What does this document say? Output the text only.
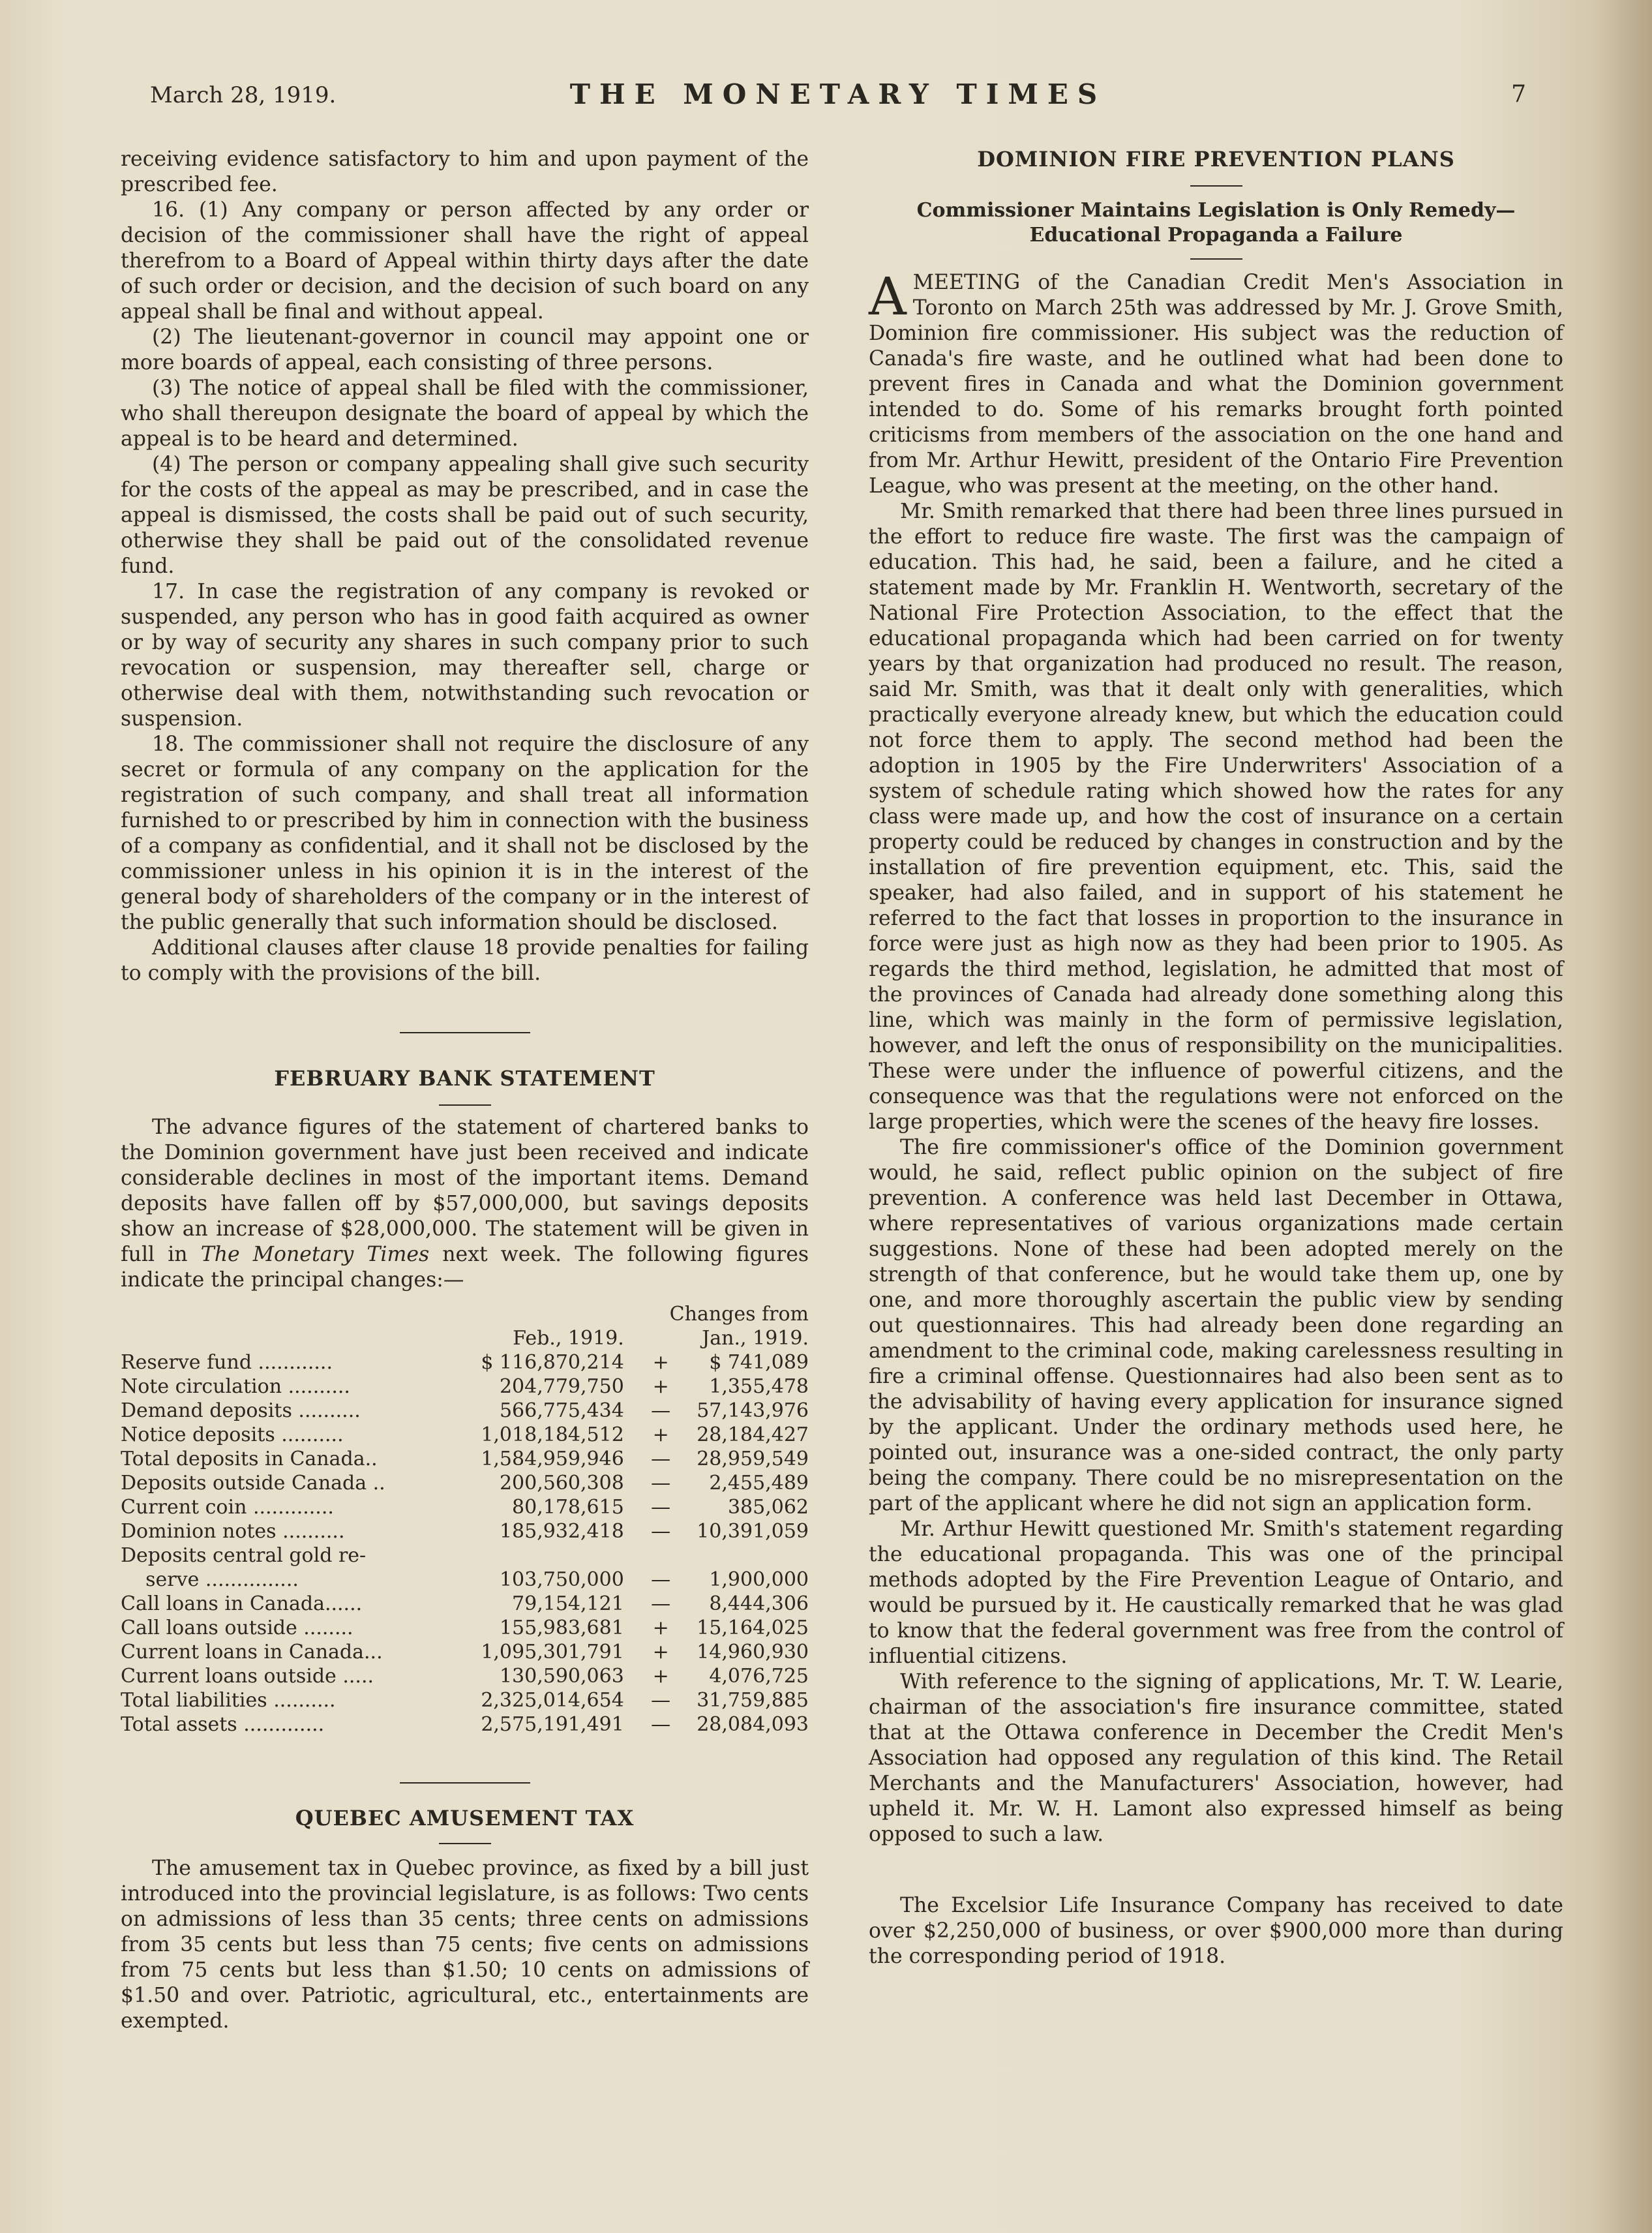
March 28, 1919.	THE MONETARY TIMES	7

receiving evidence satisfactory to him and upon payment of the prescribed fee.

16. (1) Any company or person affected by any order or decision of the commissioner shall have the right of appeal therefrom to a Board of Appeal within thirty days after the date of such order or decision, and the decision of such board on any appeal shall be final and without appeal.

(2) The lieutenant-governor in council may appoint one or more boards of appeal, each consisting of three persons.

(3) The notice of appeal shall be filed with the commissioner, who shall thereupon designate the board of appeal by which the appeal is to be heard and determined.

(4) The person or company appealing shall give such security for the costs of the appeal as may be prescribed, and in case the appeal is dismissed, the costs shall be paid out of such security, otherwise they shall be paid out of the consolidated revenue fund.

17. In case the registration of any company is revoked or suspended, any person who has in good faith acquired as owner or by way of security any shares in such company prior to such revocation or suspension, may thereafter sell, charge or otherwise deal with them, notwithstanding such revocation or suspension.

18. The commissioner shall not require the disclosure of any secret or formula of any company on the application for the registration of such company, and shall treat all information furnished to or prescribed by him in connection with the business of a company as confidential, and it shall not be disclosed by the commissioner unless in his opinion it is in the interest of the general body of shareholders of the company or in the interest of the public generally that such information should be disclosed.

Additional clauses after clause 18 provide penalties for failing to comply with the provisions of the bill.

FEBRUARY BANK STATEMENT

The advance figures of the statement of chartered banks to the Dominion government have just been received and indicate considerable declines in most of the important items. Demand deposits have fallen off by $57,000,000, but savings deposits show an increase of $28,000,000. The statement will be given in full in The Monetary Times next week. The following figures indicate the principal changes:—

		Changes from	
	Feb., 1919.	Jan., 1919.	
Reserve fund ............	$ 116,870,214	+	$ 741,089
Note circulation ..........	204,779,750	+	1,355,478
Demand deposits ..........	566,775,434	—	57,143,976
Notice deposits ..........	1,018,184,512	+	28,184,427
Total deposits in Canada..	1,584,959,946	—	28,959,549
Deposits outside Canada ..	200,560,308	—	2,455,489
Current coin .............	80,178,615	—	385,062
Dominion notes ..........	185,932,418	—	10,391,059
Deposits central gold re-			
serve ...............	103,750,000	—	1,900,000
Call loans in Canada......	79,154,121	—	8,444,306
Call loans outside ........	155,983,681	+	15,164,025
Current loans in Canada...	1,095,301,791	+	14,960,930
Current loans outside .....	130,590,063	+	4,076,725
Total liabilities ..........	2,325,014,654	—	31,759,885
Total assets .............	2,575,191,491	—	28,084,093
QUEBEC AMUSEMENT TAX

The amusement tax in Quebec province, as fixed by a bill just introduced into the provincial legislature, is as follows: Two cents on admissions of less than 35 cents; three cents on admissions from 35 cents but less than 75 cents; five cents on admissions from 75 cents but less than $1.50; 10 cents on admissions of $1.50 and over. Patriotic, agricultural, etc., entertainments are exempted.

DOMINION FIRE PREVENTION PLANS
Commissioner Maintains Legislation is Only Remedy—Educational Propaganda a Failure

AMEETING of the Canadian Credit Men's Association in Toronto on March 25th was addressed by Mr. J. Grove Smith, Dominion fire commissioner. His subject was the reduction of Canada's fire waste, and he outlined what had been done to prevent fires in Canada and what the Dominion government intended to do. Some of his remarks brought forth pointed criticisms from members of the association on the one hand and from Mr. Arthur Hewitt, president of the Ontario Fire Prevention League, who was present at the meeting, on the other hand.

Mr. Smith remarked that there had been three lines pursued in the effort to reduce fire waste. The first was the campaign of education. This had, he said, been a failure, and he cited a statement made by Mr. Franklin H. Wentworth, secretary of the National Fire Protection Association, to the effect that the educational propaganda which had been carried on for twenty years by that organization had produced no result. The reason, said Mr. Smith, was that it dealt only with generalities, which practically everyone already knew, but which the education could not force them to apply. The second method had been the adoption in 1905 by the Fire Underwriters' Association of a system of schedule rating which showed how the rates for any class were made up, and how the cost of insurance on a certain property could be reduced by changes in construction and by the installation of fire prevention equipment, etc. This, said the speaker, had also failed, and in support of his statement he referred to the fact that losses in proportion to the insurance in force were just as high now as they had been prior to 1905. As regards the third method, legislation, he admitted that most of the provinces of Canada had already done something along this line, which was mainly in the form of permissive legislation, however, and left the onus of responsibility on the municipalities. These were under the influence of powerful citizens, and the consequence was that the regulations were not enforced on the large properties, which were the scenes of the heavy fire losses.

The fire commissioner's office of the Dominion government would, he said, reflect public opinion on the subject of fire prevention. A conference was held last December in Ottawa, where representatives of various organizations made certain suggestions. None of these had been adopted merely on the strength of that conference, but he would take them up, one by one, and more thoroughly ascertain the public view by sending out questionnaires. This had already been done regarding an amendment to the criminal code, making carelessness resulting in fire a criminal offense. Questionnaires had also been sent as to the advisability of having every application for insurance signed by the applicant. Under the ordinary methods used here, he pointed out, insurance was a one-sided contract, the only party being the company. There could be no misrepresentation on the part of the applicant where he did not sign an application form.

Mr. Arthur Hewitt questioned Mr. Smith's statement regarding the educational propaganda. This was one of the principal methods adopted by the Fire Prevention League of Ontario, and would be pursued by it. He caustically remarked that he was glad to know that the federal government was free from the control of influential citizens.

With reference to the signing of applications, Mr. T. W. Learie, chairman of the association's fire insurance committee, stated that at the Ottawa conference in December the Credit Men's Association had opposed any regulation of this kind. The Retail Merchants and the Manufacturers' Association, however, had upheld it. Mr. W. H. Lamont also expressed himself as being opposed to such a law.

The Excelsior Life Insurance Company has received to date over $2,250,000 of business, or over $900,000 more than during the corresponding period of 1918.
